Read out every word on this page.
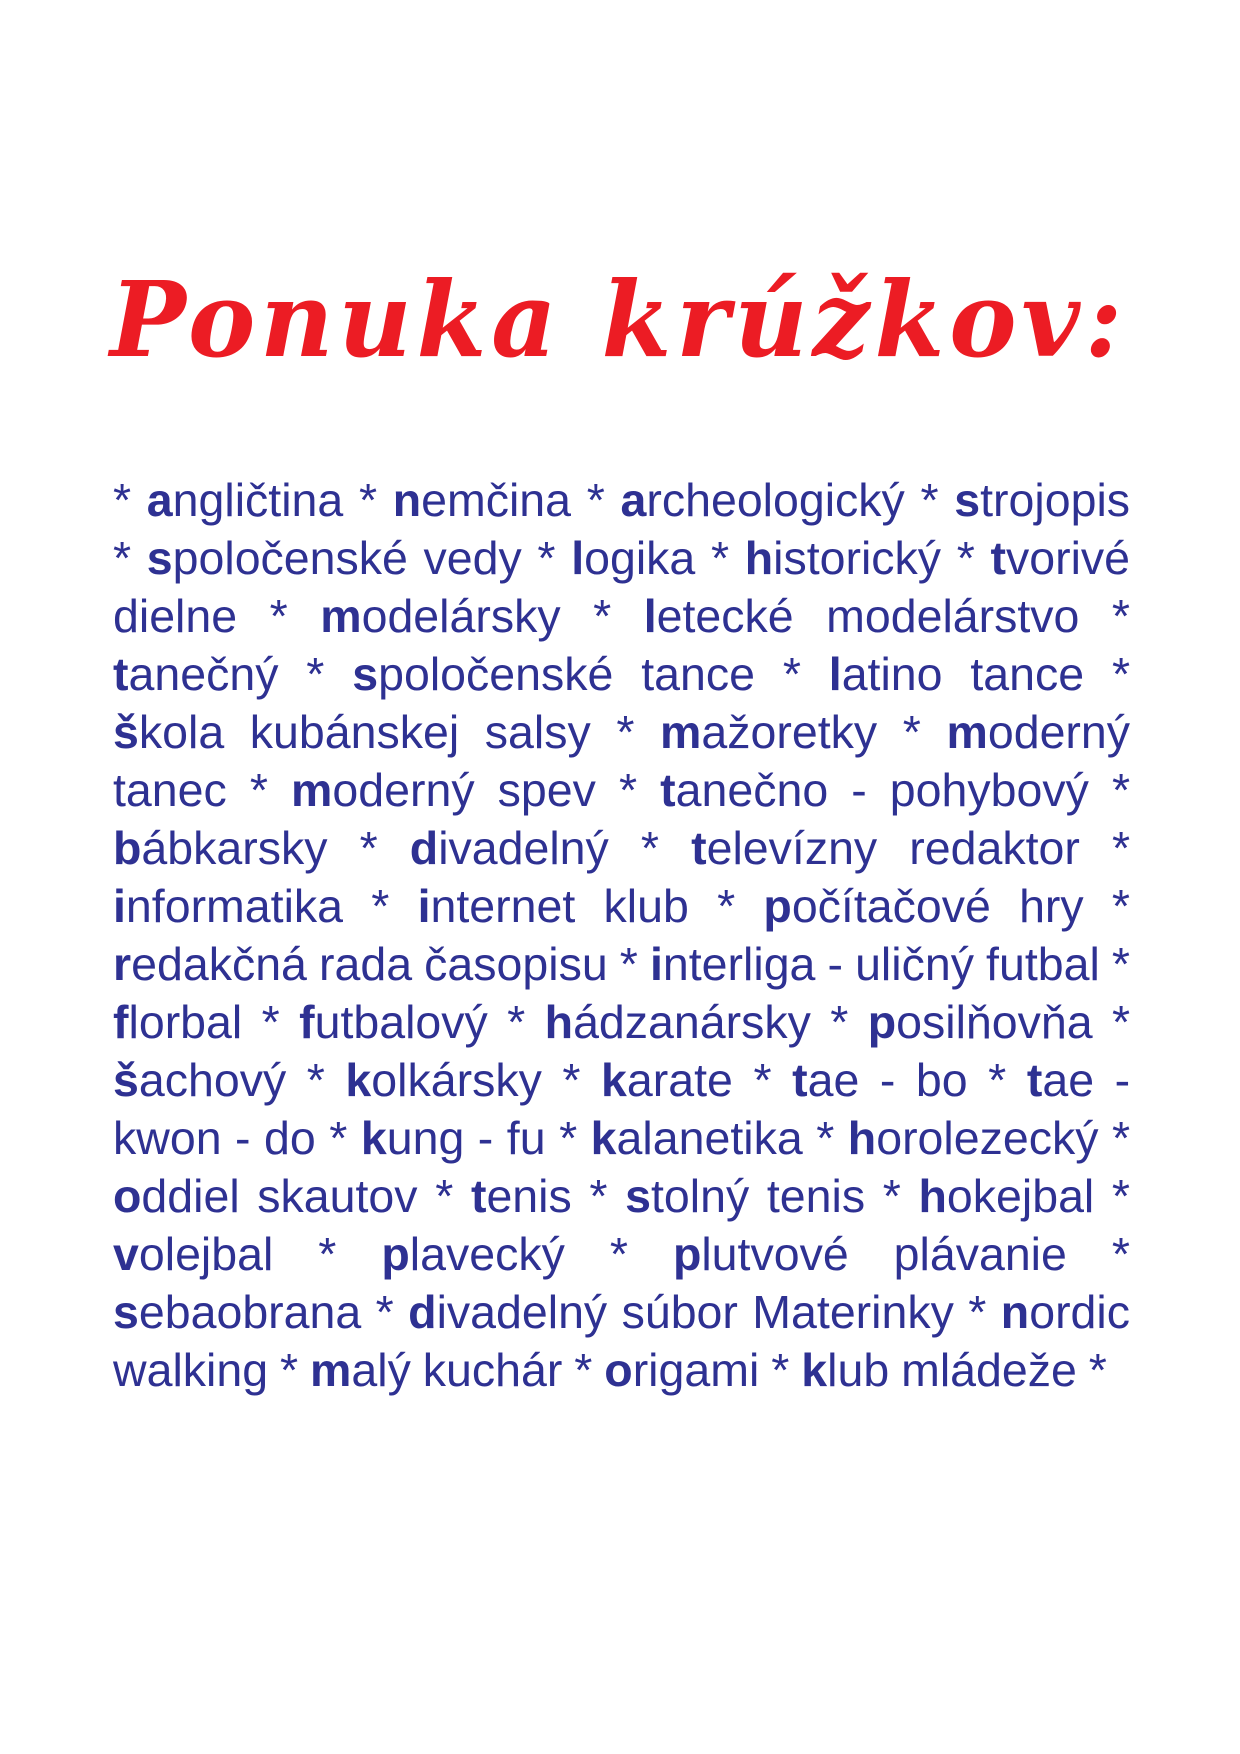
Ponuka krúžkov:

* angličtina * nemčina * archeologický * strojopis * spoločenské vedy * logika * historický * tvorivé dielne * modelársky * letecké modelárstvo * tanečný * spoločenské tance * latino tance * škola kubánskej salsy * mažoretky * moderný tanec * moderný spev * tanečno - pohybový * bábkarsky * divadelný * televízny redaktor * informatika * internet klub * počítačové hry * redakčná rada časopisu * interliga - uličný futbal * florbal * futbalový * hádzanársky * posilňovňa * šachový * kolkársky * karate * tae - bo * tae - kwon - do * kung - fu * kalanetika * horolezecký * oddiel skautov * tenis * stolný tenis * hokejbal * volejbal * plavecký * plutvové plávanie * sebaobrana * divadelný súbor Materinky * nordic walking * malý kuchár * origami * klub mládeže *
